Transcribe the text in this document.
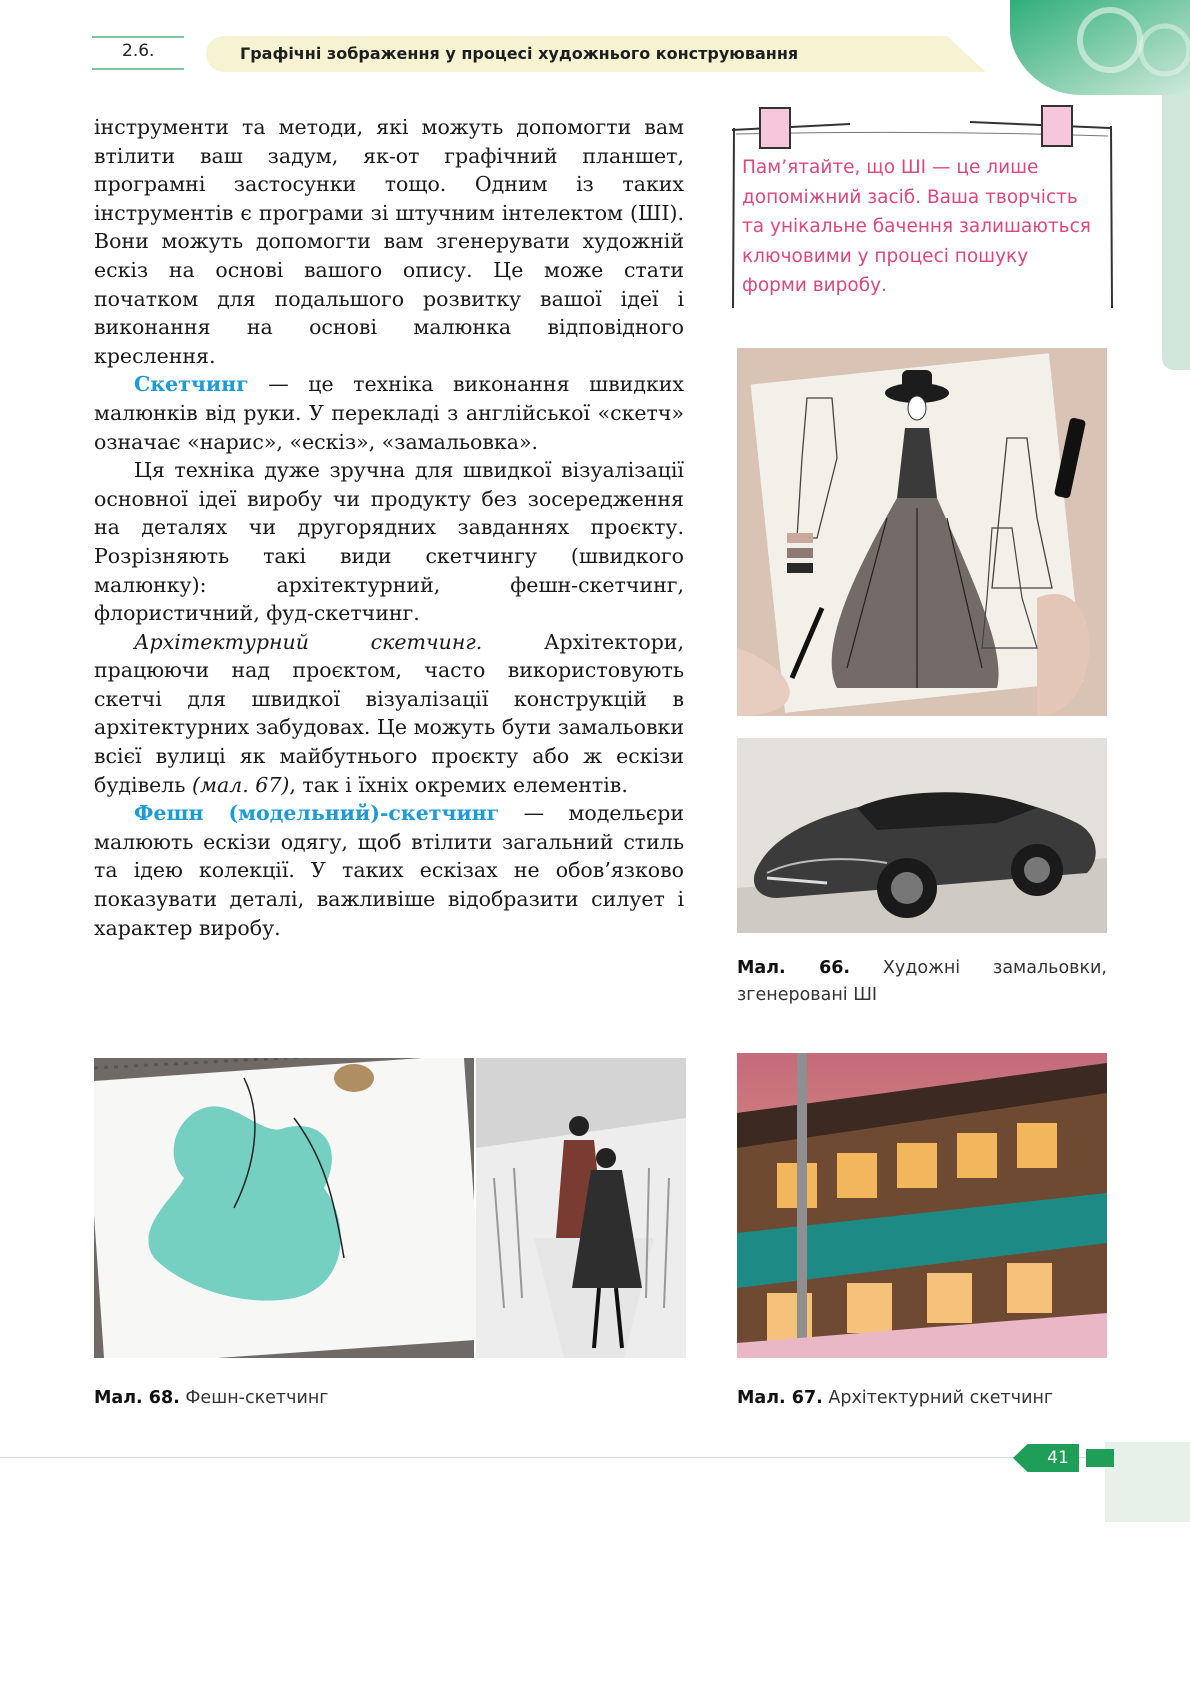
2.6.	Графічні зображення у процесі художнього конструювання

інструменти та методи, які можуть допомогти вам втілити ваш задум, як-от графічний планшет, програмні застосунки тощо. Одним із таких інструментів є програми зі штучним інтелектом (ШІ). Вони можуть допомогти вам згенерувати художній ескіз на основі вашого опису. Це може стати початком для подальшого розвитку вашої ідеї і виконання на основі малюнка відповідного креслення.

Скетчинг — це техніка виконання швидких малюнків від руки. У перекладі з англійської «скетч» означає «нарис», «ескіз», «замальовка».

Ця техніка дуже зручна для швидкої візуалізації основної ідеї виробу чи продукту без зосередження на деталях чи другорядних завданнях проєкту. Розрізняють такі види скетчингу (швидкого малюнку): архітектурний, фешн-скетчинг, флористичний, фуд-скетчинг.

Архітектурний скетчинг. Архітектори, працюючи над проєктом, часто використовують скетчі для швидкої візуалізації конструкцій в архітектурних забудовах. Це можуть бути замальовки всієї вулиці як майбутнього проєкту або ж ескізи будівель (мал. 67), так і їхніх окремих елементів.

Фешн (модельний)-скетчинг — модельєри малюють ескізи одягу, щоб втілити загальний стиль та ідею колекції. У таких ескізах не обов’язково показувати деталі, важливіше відобразити силует і характер виробу.

Пам’ятайте, що ШІ — це лише допоміжний засіб. Ваша творчість та унікальне бачення залишаються ключовими у процесі пошуку форми виробу.
Мал. 66. Художні замальовки, згенеровані ШІ
Мал. 68. Фешн-скетчинг	Мал. 67. Архітектурний скетчинг
41
